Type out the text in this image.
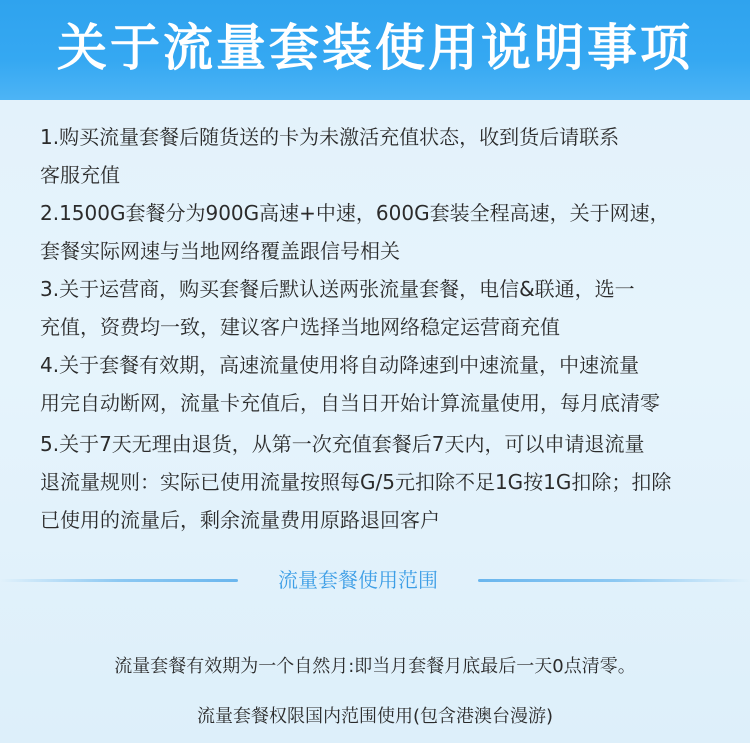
关于流量套装使用说明事项
1.购买流量套餐后随货送的卡为未激活充值状态，收到货后请联系
客服充值
2.1500G套餐分为900G高速+中速，600G套装全程高速，关于网速，
套餐实际网速与当地网络覆盖跟信号相关
3.关于运营商，购买套餐后默认送两张流量套餐，电信&联通，选一
充值，资费均一致，建议客户选择当地网络稳定运营商充值
4.关于套餐有效期，高速流量使用将自动降速到中速流量，中速流量
用完自动断网，流量卡充值后，自当日开始计算流量使用，每月底清零
5.关于7天无理由退货，从第一次充值套餐后7天内，可以申请退流量
退流量规则：实际已使用流量按照每G/5元扣除不足1G按1G扣除；扣除
已使用的流量后，剩余流量费用原路退回客户
流量套餐使用范围
流量套餐有效期为一个自然月:即当月套餐月底最后一天0点清零。
流量套餐权限国内范围使用(包含港澳台漫游)
